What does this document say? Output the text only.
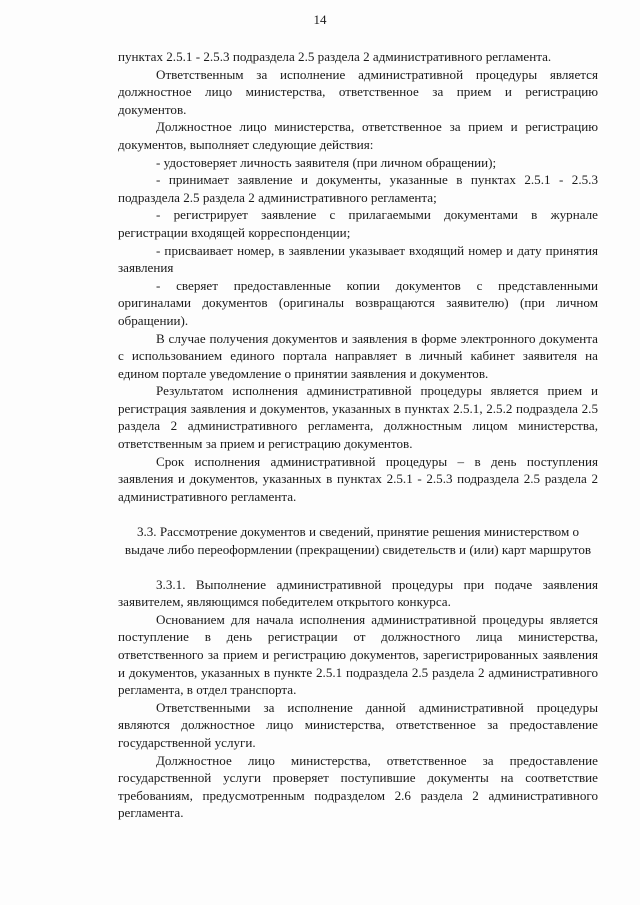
14

пунктах 2.5.1 - 2.5.3 подраздела 2.5 раздела 2 административного регламента.

Ответственным за исполнение административной процедуры является должностное лицо министерства, ответственное за прием и регистрацию документов.

Должностное лицо министерства, ответственное за прием и регистрацию документов, выполняет следующие действия:

- удостоверяет личность заявителя (при личном обращении);

- принимает заявление и документы, указанные в пунктах 2.5.1 - 2.5.3 подраздела 2.5 раздела 2 административного регламента;

- регистрирует заявление с прилагаемыми документами в журнале регистрации входящей корреспонденции;

- присваивает номер, в заявлении указывает входящий номер и дату принятия заявления

- сверяет предоставленные копии документов с представленными оригиналами документов (оригиналы возвращаются заявителю) (при личном обращении).

В случае получения документов и заявления в форме электронного документа с использованием единого портала направляет в личный кабинет заявителя на едином портале уведомление о принятии заявления и документов.

Результатом исполнения административной процедуры является прием и регистрация заявления и документов, указанных в пунктах 2.5.1, 2.5.2 подраздела 2.5 раздела 2 административного регламента, должностным лицом министерства, ответственным за прием и регистрацию документов.

Срок исполнения административной процедуры – в день поступления заявления и документов, указанных в пунктах 2.5.1 - 2.5.3 подраздела 2.5 раздела 2 административного регламента.

3.3. Рассмотрение документов и сведений, принятие решения министерством о выдаче либо переоформлении (прекращении) свидетельств и (или) карт маршрутов

3.3.1. Выполнение административной процедуры при подаче заявления заявителем, являющимся победителем открытого конкурса.

Основанием для начала исполнения административной процедуры является поступление в день регистрации от должностного лица министерства, ответственного за прием и регистрацию документов, зарегистрированных заявления и документов, указанных в пункте 2.5.1 подраздела 2.5 раздела 2 административного регламента, в отдел транспорта.

Ответственными за исполнение данной административной процедуры являются должностное лицо министерства, ответственное за предоставление государственной услуги.

Должностное лицо министерства, ответственное за предоставление государственной услуги проверяет поступившие документы на соответствие требованиям, предусмотренным подразделом 2.6 раздела 2 административного регламента.
